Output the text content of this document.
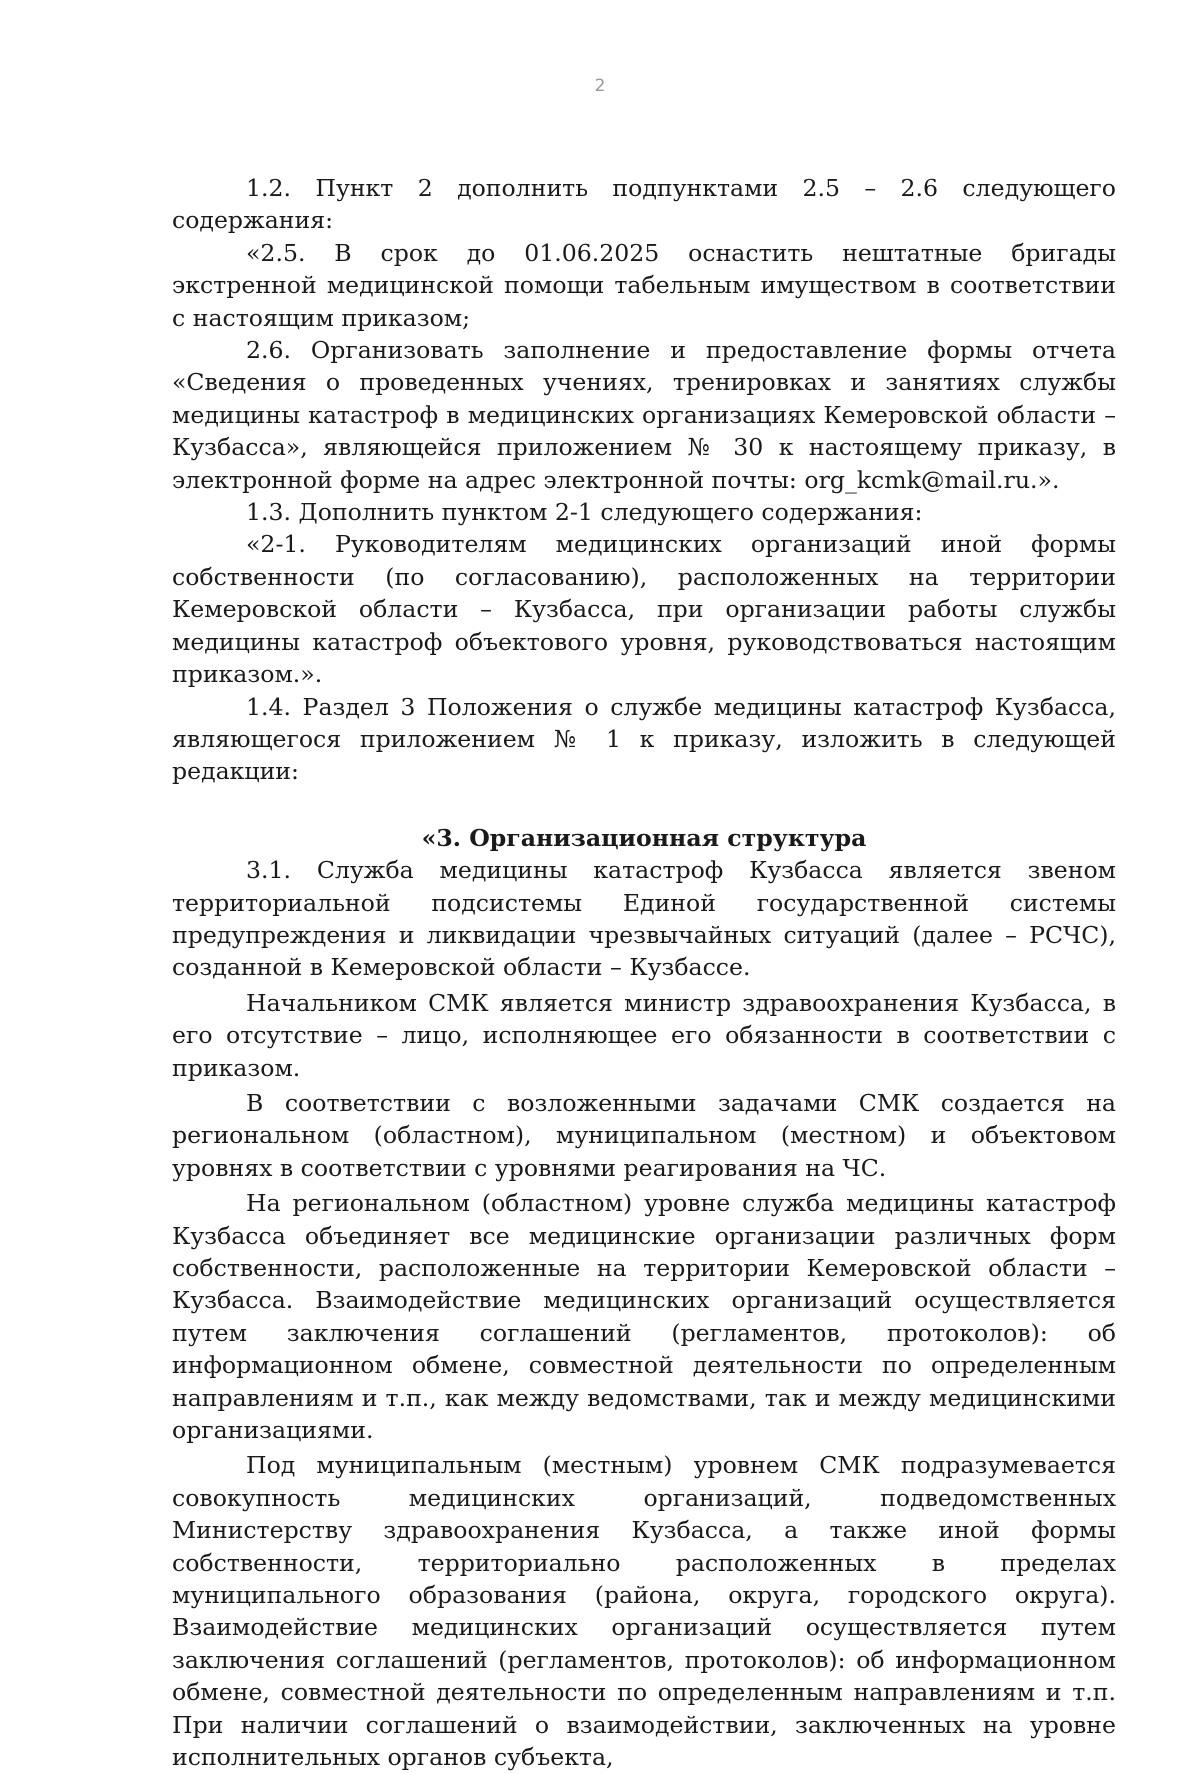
2

1.2. Пункт 2 дополнить подпунктами 2.5 – 2.6 следующего содержания:

«2.5. В срок до 01.06.2025 оснастить нештатные бригады экстренной медицинской помощи табельным имуществом в соответствии с настоящим приказом;

2.6. Организовать заполнение и предоставление формы отчета «Сведения о проведенных учениях, тренировках и занятиях службы медицины катастроф в медицинских организациях Кемеровской области – Кузбасса», являющейся приложением № 30 к настоящему приказу, в электронной форме на адрес электронной почты: org_kcmk@mail.ru.».

1.3. Дополнить пунктом 2-1 следующего содержания:

«2-1. Руководителям медицинских организаций иной формы собственности (по согласованию), расположенных на территории Кемеровской области – Кузбасса, при организации работы службы медицины катастроф объектового уровня, руководствоваться настоящим приказом.».

1.4. Раздел 3 Положения о службе медицины катастроф Кузбасса, являющегося приложением № 1 к приказу, изложить в следующей редакции:

«3. Организационная структура

3.1. Служба медицины катастроф Кузбасса является звеном территориальной подсистемы Единой государственной системы предупреждения и ликвидации чрезвычайных ситуаций (далее – РСЧС), созданной в Кемеровской области – Кузбассе.

Начальником СМК является министр здравоохранения Кузбасса, в его отсутствие – лицо, исполняющее его обязанности в соответствии с приказом.

В соответствии с возложенными задачами СМК создается на региональном (областном), муниципальном (местном) и объектовом уровнях в соответствии с уровнями реагирования на ЧС.

На региональном (областном) уровне служба медицины катастроф Кузбасса объединяет все медицинские организации различных форм собственности, расположенные на территории Кемеровской области – Кузбасса. Взаимодействие медицинских организаций осуществляется путем заключения соглашений (регламентов, протоколов): об информационном обмене, совместной деятельности по определенным направлениям и т.п., как между ведомствами, так и между медицинскими организациями.

Под муниципальным (местным) уровнем СМК подразумевается совокупность медицинских организаций, подведомственных Министерству здравоохранения Кузбасса, а также иной формы собственности, территориально расположенных в пределах муниципального образования (района, округа, городского округа). Взаимодействие медицинских организаций осуществляется путем заключения соглашений (регламентов, протоколов): об информационном обмене, совместной деятельности по определенным направлениям и т.п. При наличии соглашений о взаимодействии, заключенных на уровне исполнительных органов субъекта,
